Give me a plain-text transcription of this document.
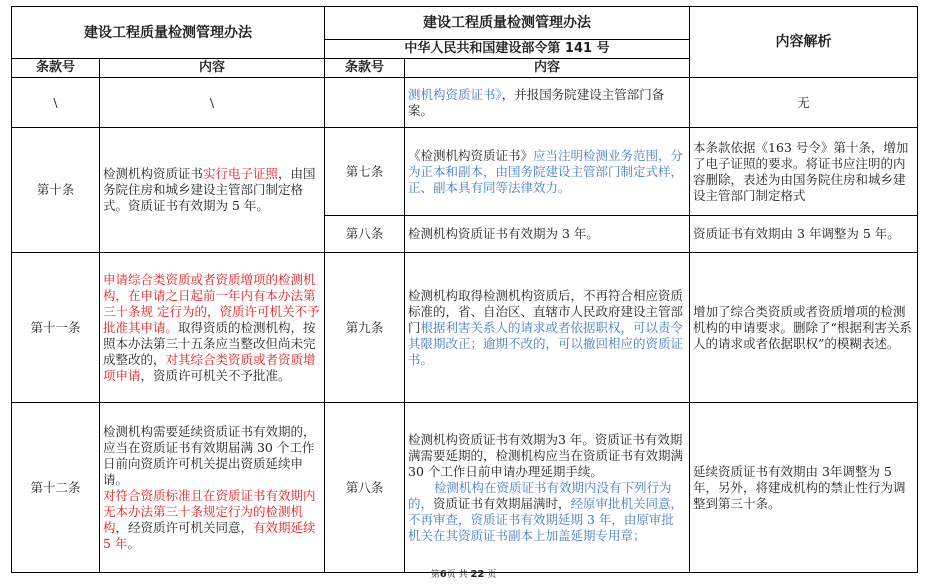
建设工程质量检测管理办法		建设工程质量检测管理办法		内容解析
		中华人民共和国建设部令第 141 号		
条款号	内容	条款号	内容	
\	\		测机构资质证书》，并报国务院建设主管部门备案。	无
第十条	检测机构资质证书实行电子证照，由国务院住房和城乡建设主管部门制定格式。资质证书有效期为 5 年。	第七条	《检测机构资质证书》应当注明检测业务范围，分为正本和副本，由国务院建设主管部门制定式样，正、副本具有同等法律效力。	本条款依据《163 号令》第十条，增加了电子证照的要求。将证书应注明的内容删除，表述为由国务院住房和城乡建设主管部门制定格式
		第八条	检测机构资质证书有效期为 3 年。	资质证书有效期由 3 年调整为 5 年。
第十一条	申请综合类资质或者资质增项的检测机构，在申请之日起前一年内有本办法第三十条规 定行为的，资质许可机关不予批准其申请。取得资质的检测机构，按照本办法第三十五条应当整改但尚未完成整改的，对其综合类资质或者资质增项申请，资质许可机关不予批准。	第九条	检测机构取得检测机构资质后，不再符合相应资质标准的，省、自治区、直辖市人民政府建设主管部门根据利害关系人的请求或者依据职权，可以责令其限期改正；逾期不改的，可以撤回相应的资质证书。	增加了综合类资质或者资质增项的检测机构的申请要求。删除了“根据利害关系人的请求或者依据职权”的模糊表述。
第十二条	检测机构需要延续资质证书有效期的，应当在资质证书有效期届满 30 个工作日前向资质许可机关提出资质延续申请。
对符合资质标准且在资质证书有效期内无本办法第三十条规定行为的检测机构，经资质许可机关同意，有效期延续 5 年。	第八条	检测机构资质证书有效期为3 年。资质证书有效期满需要延期的，检测机构应当在资质证书有效期满30 个工作日前申请办理延期手续。
检测机构在资质证书有效期内没有下列行为的，资质证书有效期届满时，经原审批机关同意，不再审查，资质证书有效期延期 3 年，由原审批机关在其资质证书副本上加盖延期专用章；	延续资质证书有效期由 3年调整为 5年，另外，将建成机构的禁止性行为调整到第三十条。
第6页 共 22 页
